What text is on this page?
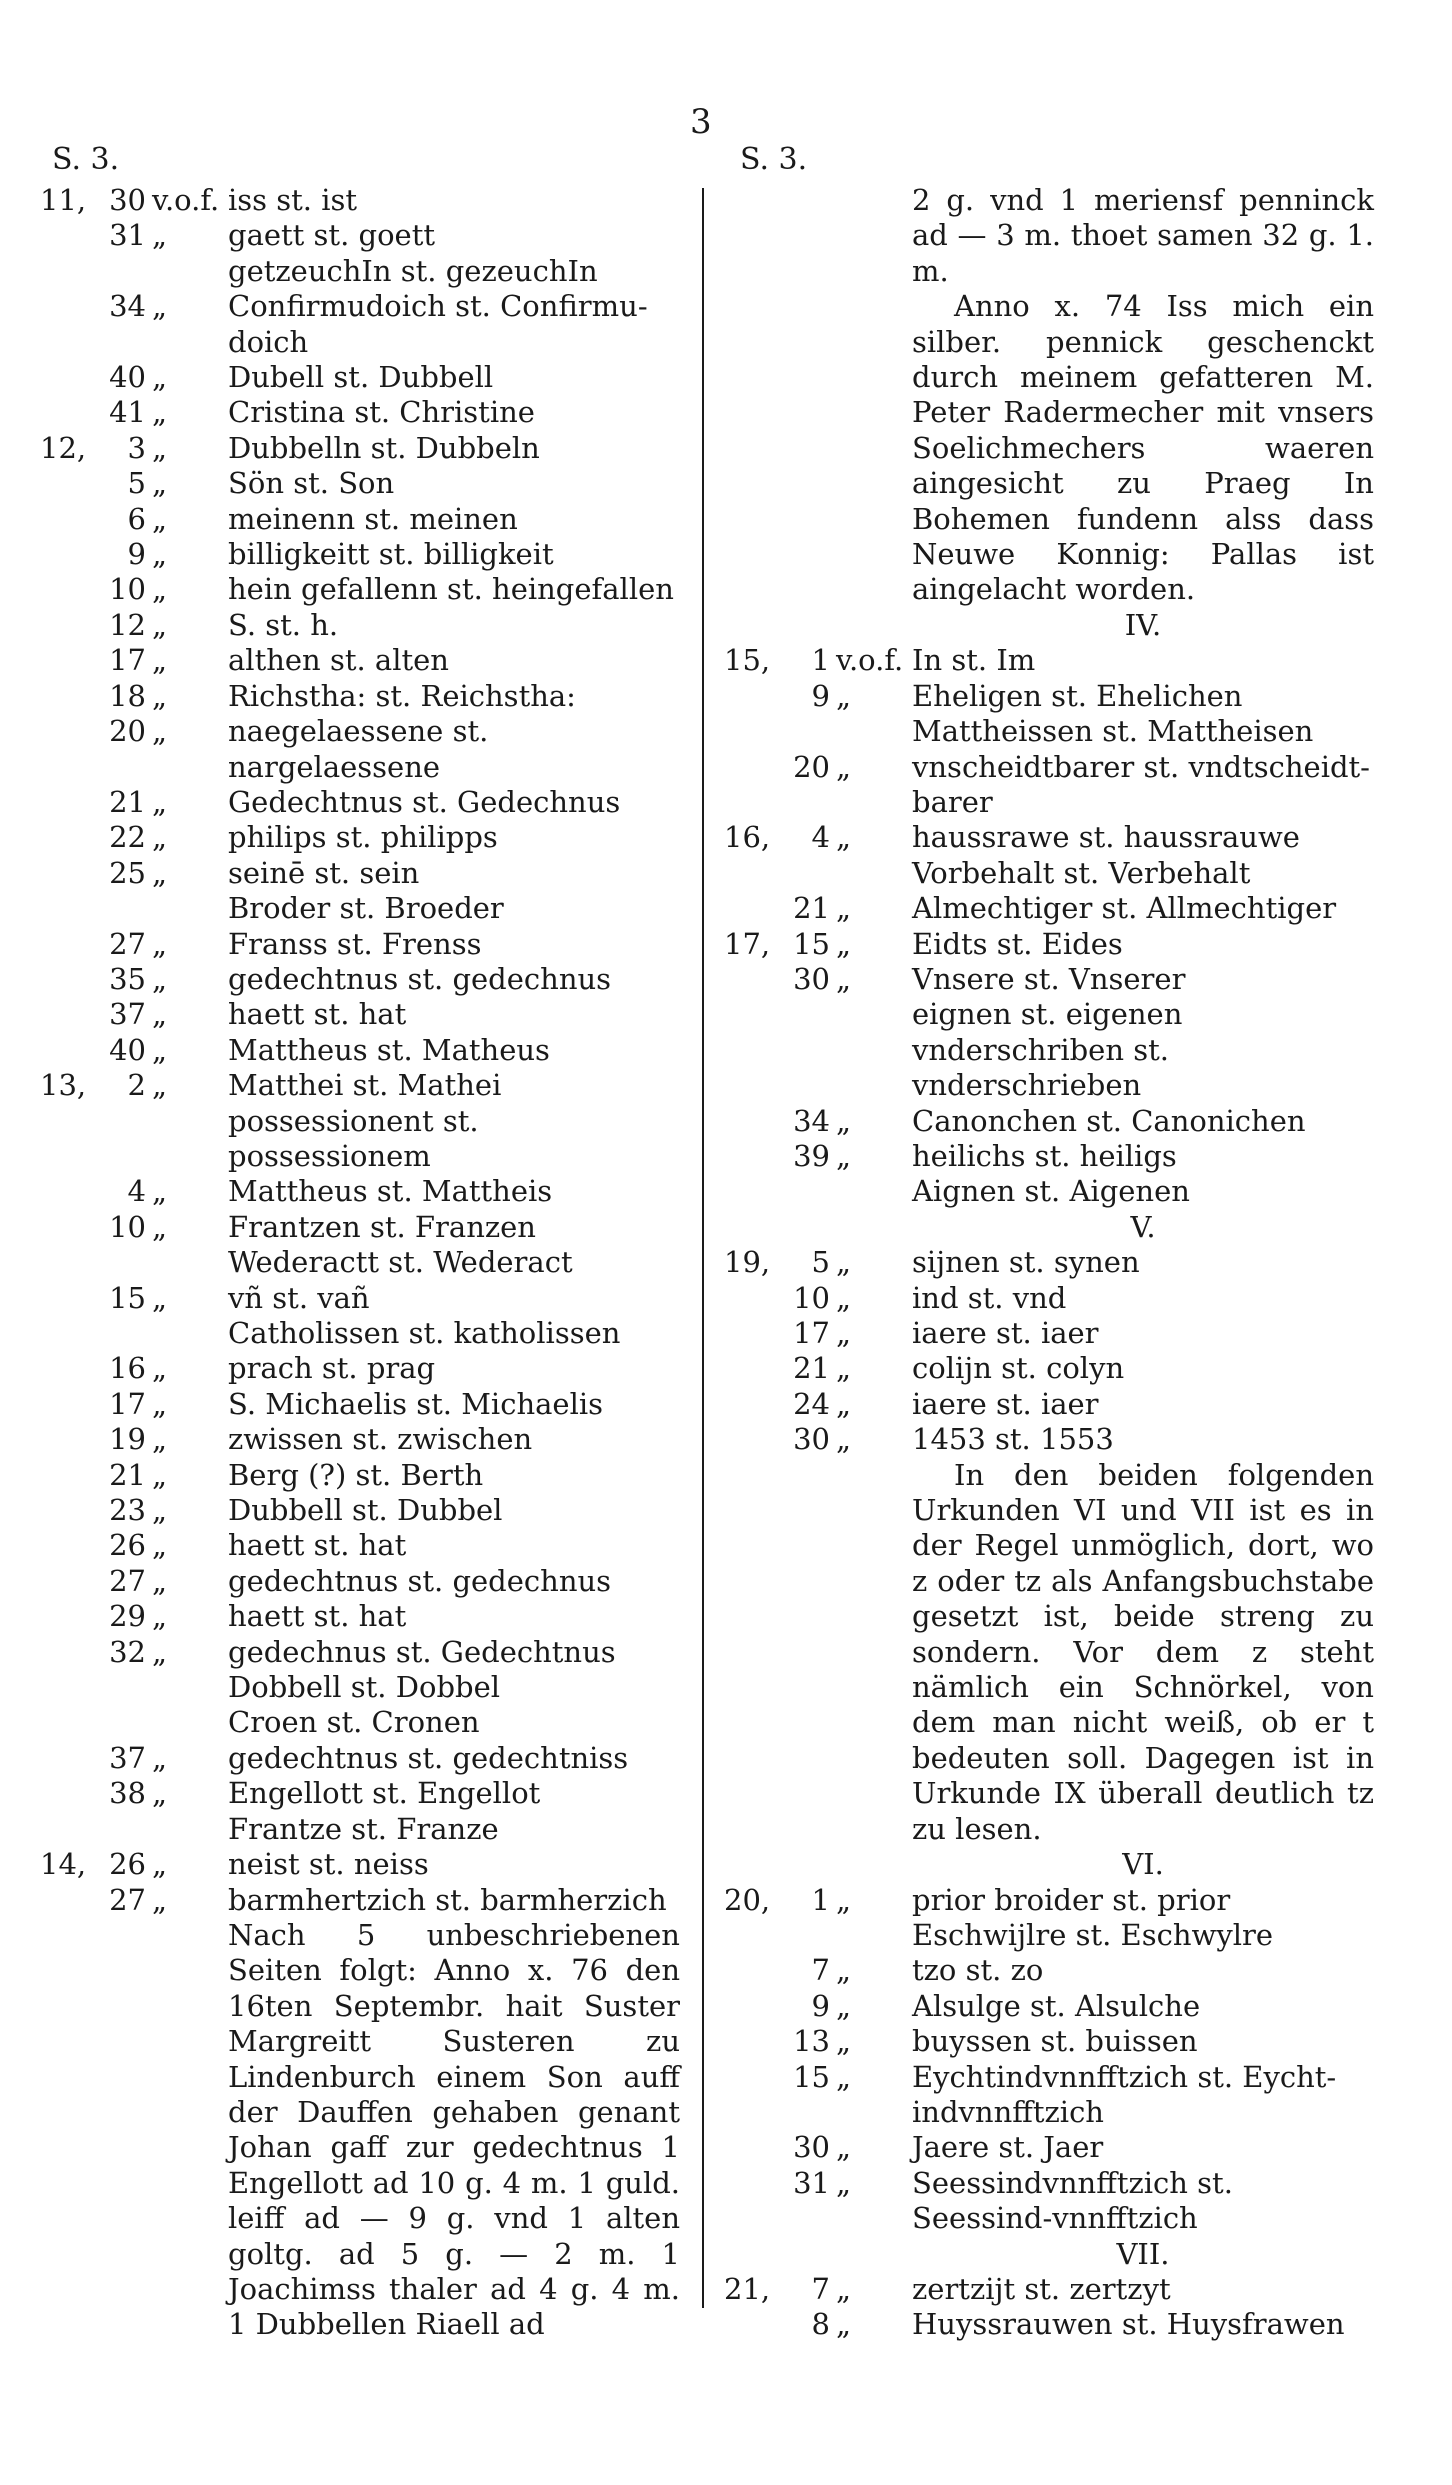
3
S. 3.	S. 3.
11, 30 v.o.f. iss st. ist
31 „	gaett st. goett
getzeuchIn st. gezeuchIn
34 „	Confirmudoich st. Confirmu-doich
40 „	Dubell st. Dubbell
41 „	Cristina st. Christine
12,	3 „	Dubbelln st. Dubbeln
5 „	Sön st. Son
6 „	meinenn st. meinen
9 „	billigkeitt st. billigkeit
10 „	hein gefallenn st. heingefallen
12 „	S. st. h.
17 „	althen st. alten
18 „	Richstha: st. Reichstha:
20 „	naegelaessene st. nargelaessene
21 „	Gedechtnus st. Gedechnus
22 „	philips st. philipps
25 „	seinē st. sein
Broder st. Broeder
27 „	Franss st. Frenss
35 „	gedechtnus st. gedechnus
37 „	haett st. hat
40 „	Mattheus st. Matheus
13,	2 „	Matthei st. Mathei
possessionent st. possessionem
4 „	Mattheus st. Mattheis
10 „	Frantzen st. Franzen
Wederactt st. Wederact
15 „	vñ st. vañ
Catholissen st. katholissen
16 „	prach st. prag
17 „	S. Michaelis st. Michaelis
19 „	zwissen st. zwischen
21 „	Berg (?) st. Berth
23 „	Dubbell st. Dubbel
26 „	haett st. hat
27 „	gedechtnus st. gedechnus
29 „	haett st. hat
32 „	gedechnus st. Gedechtnus
Dobbell st. Dobbel
Croen st. Cronen
37 „	gedechtnus st. gedechtniss
38 „	Engellott st. Engellot
Frantze st. Franze
14, 26 „	neist st. neiss
27 „	barmhertzich st. barmherzich
Nach 5 unbeschriebenen Seiten folgt: Anno x. 76 den 16ten Septembr. hait Suster Margreitt Susteren zu Lindenburch einem Son auff der Dauffen gehaben genant Johan gaff zur gedechtnus 1 Engellott ad 10 g. 4 m. 1 guld. leiff ad — 9 g. vnd 1 alten goltg. ad 5 g. — 2 m. 1 Joachimss thaler ad 4 g. 4 m. 1 Dubbellen Riaell ad
2 g. vnd 1 meriensf penninck ad — 3 m. thoet samen 32 g. 1. m.
Anno x. 74 Iss mich ein silber. pennick geschenckt durch meinem gefatteren M. Peter Radermecher mit vnsers Soelichmechers waeren aingesicht zu Praeg In Bohemen fundenn alss dass Neuwe Konnig: Pallas ist aingelacht worden.
IV.
15,	1 v.o.f. In st. Im
9 „	Eheligen st. Ehelichen
Mattheissen st. Mattheisen
20 „	vnscheidtbarer st. vndtscheidt-barer
16,	4 „	haussrawe st. haussrauwe
Vorbehalt st. Verbehalt
21 „	Almechtiger st. Allmechtiger
17, 15 „	Eidts st. Eides
30 „	Vnsere st. Vnserer
eignen st. eigenen
vnderschriben st. vnderschrieben
34 „	Canonchen st. Canonichen
39 „	heilichs st. heiligs
Aignen st. Aigenen
V.
19,	5 „	sijnen st. synen
10 „	ind st. vnd
17 „	iaere st. iaer
21 „	colijn st. colyn
24 „	iaere st. iaer
30 „	1453 st. 1553
In den beiden folgenden Urkunden VI und VII ist es in der Regel unmöglich, dort, wo z oder tz als Anfangsbuchstabe gesetzt ist, beide streng zu sondern. Vor dem z steht nämlich ein Schnörkel, von dem man nicht weiß, ob er t bedeuten soll. Dagegen ist in Urkunde IX überall deutlich tz zu lesen.
VI.
20,	1 „	prior broider st. prior
Eschwijlre st. Eschwylre
7 „	tzo st. zo
9 „	Alsulge st. Alsulche
13 „	buyssen st. buissen
15 „	Eychtindvnnfftzich st. Eycht-indvnnfftzich
30 „	Jaere st. Jaer
31 „	Seessindvnnfftzich st. Seessind-vnnfftzich
VII.
21,	7 „	zertzijt st. zertzyt
8 „	Huyssrauwen st. Huysfrawen
